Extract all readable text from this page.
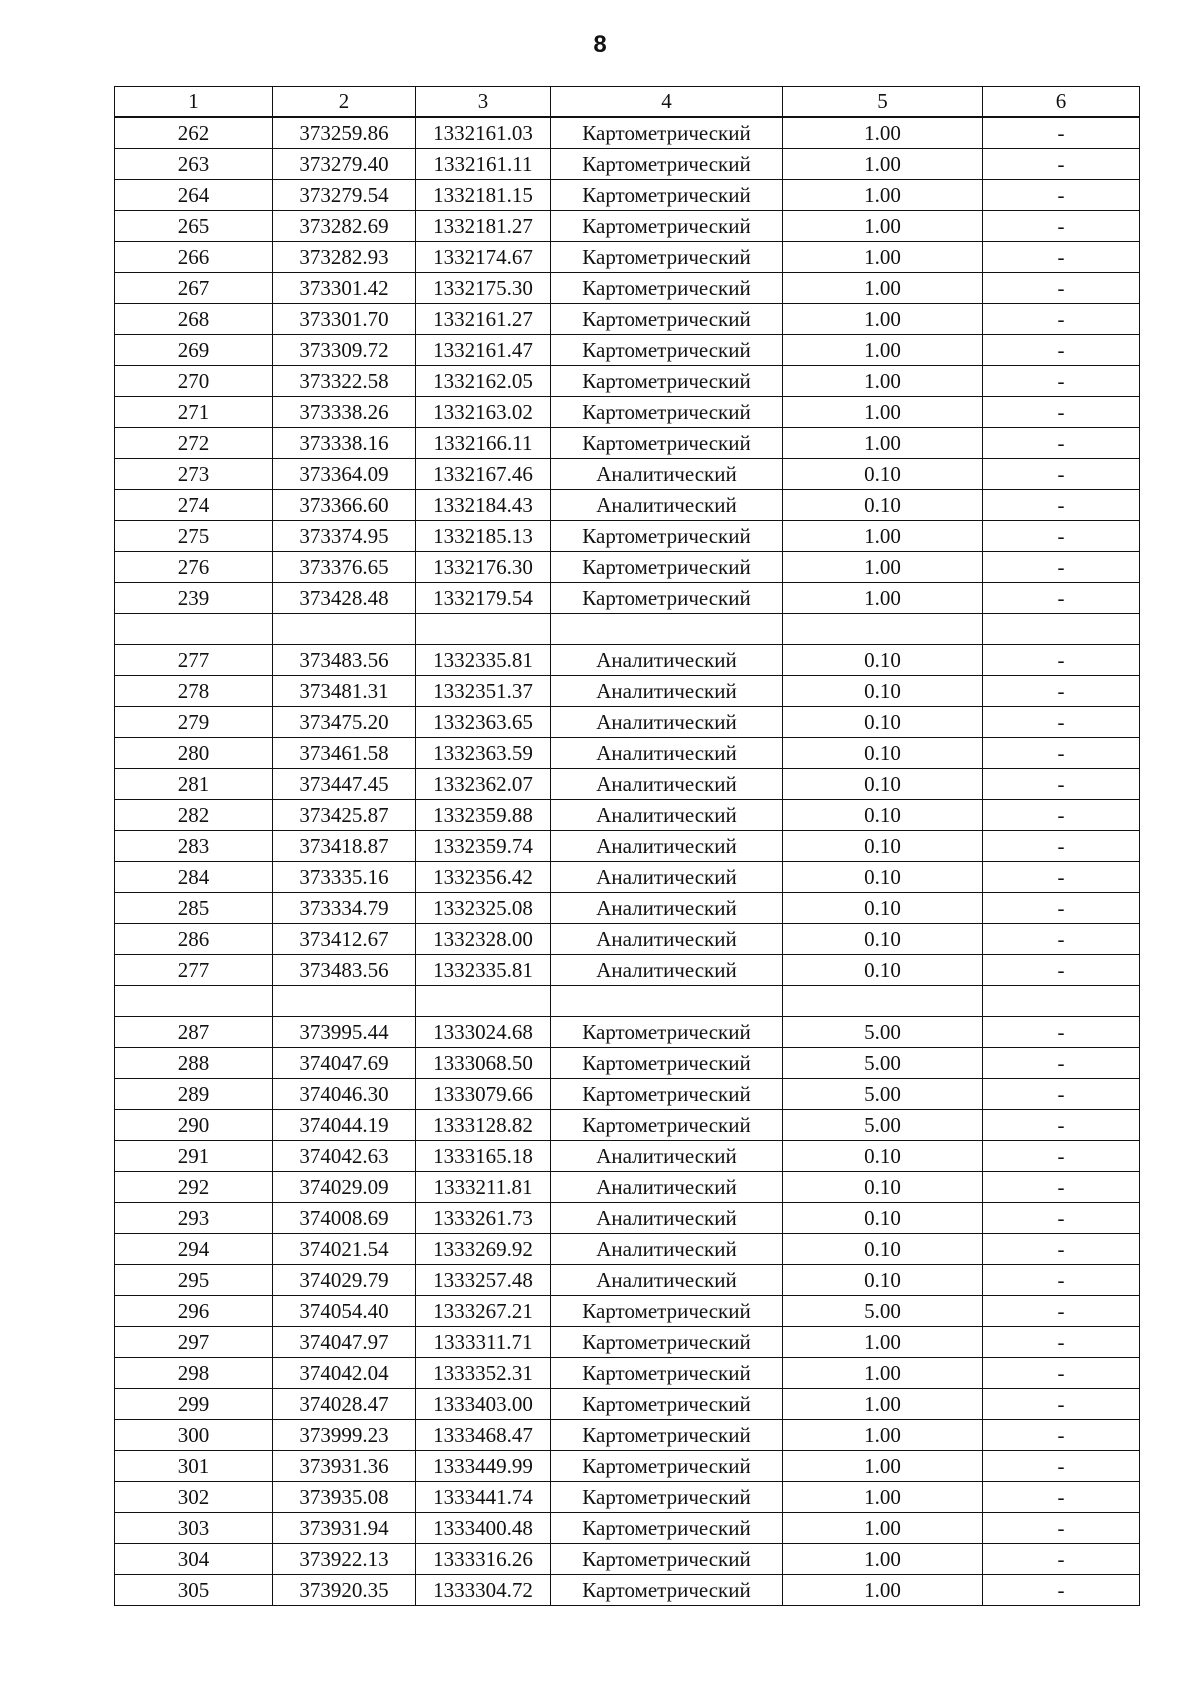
8
1	2	3	4	5	6
262	373259.86	1332161.03	Картометрический	1.00	-
263	373279.40	1332161.11	Картометрический	1.00	-
264	373279.54	1332181.15	Картометрический	1.00	-
265	373282.69	1332181.27	Картометрический	1.00	-
266	373282.93	1332174.67	Картометрический	1.00	-
267	373301.42	1332175.30	Картометрический	1.00	-
268	373301.70	1332161.27	Картометрический	1.00	-
269	373309.72	1332161.47	Картометрический	1.00	-
270	373322.58	1332162.05	Картометрический	1.00	-
271	373338.26	1332163.02	Картометрический	1.00	-
272	373338.16	1332166.11	Картометрический	1.00	-
273	373364.09	1332167.46	Аналитический	0.10	-
274	373366.60	1332184.43	Аналитический	0.10	-
275	373374.95	1332185.13	Картометрический	1.00	-
276	373376.65	1332176.30	Картометрический	1.00	-
239	373428.48	1332179.54	Картометрический	1.00	-

277	373483.56	1332335.81	Аналитический	0.10	-
278	373481.31	1332351.37	Аналитический	0.10	-
279	373475.20	1332363.65	Аналитический	0.10	-
280	373461.58	1332363.59	Аналитический	0.10	-
281	373447.45	1332362.07	Аналитический	0.10	-
282	373425.87	1332359.88	Аналитический	0.10	-
283	373418.87	1332359.74	Аналитический	0.10	-
284	373335.16	1332356.42	Аналитический	0.10	-
285	373334.79	1332325.08	Аналитический	0.10	-
286	373412.67	1332328.00	Аналитический	0.10	-
277	373483.56	1332335.81	Аналитический	0.10	-

287	373995.44	1333024.68	Картометрический	5.00	-
288	374047.69	1333068.50	Картометрический	5.00	-
289	374046.30	1333079.66	Картометрический	5.00	-
290	374044.19	1333128.82	Картометрический	5.00	-
291	374042.63	1333165.18	Аналитический	0.10	-
292	374029.09	1333211.81	Аналитический	0.10	-
293	374008.69	1333261.73	Аналитический	0.10	-
294	374021.54	1333269.92	Аналитический	0.10	-
295	374029.79	1333257.48	Аналитический	0.10	-
296	374054.40	1333267.21	Картометрический	5.00	-
297	374047.97	1333311.71	Картометрический	1.00	-
298	374042.04	1333352.31	Картометрический	1.00	-
299	374028.47	1333403.00	Картометрический	1.00	-
300	373999.23	1333468.47	Картометрический	1.00	-
301	373931.36	1333449.99	Картометрический	1.00	-
302	373935.08	1333441.74	Картометрический	1.00	-
303	373931.94	1333400.48	Картометрический	1.00	-
304	373922.13	1333316.26	Картометрический	1.00	-
305	373920.35	1333304.72	Картометрический	1.00	-
